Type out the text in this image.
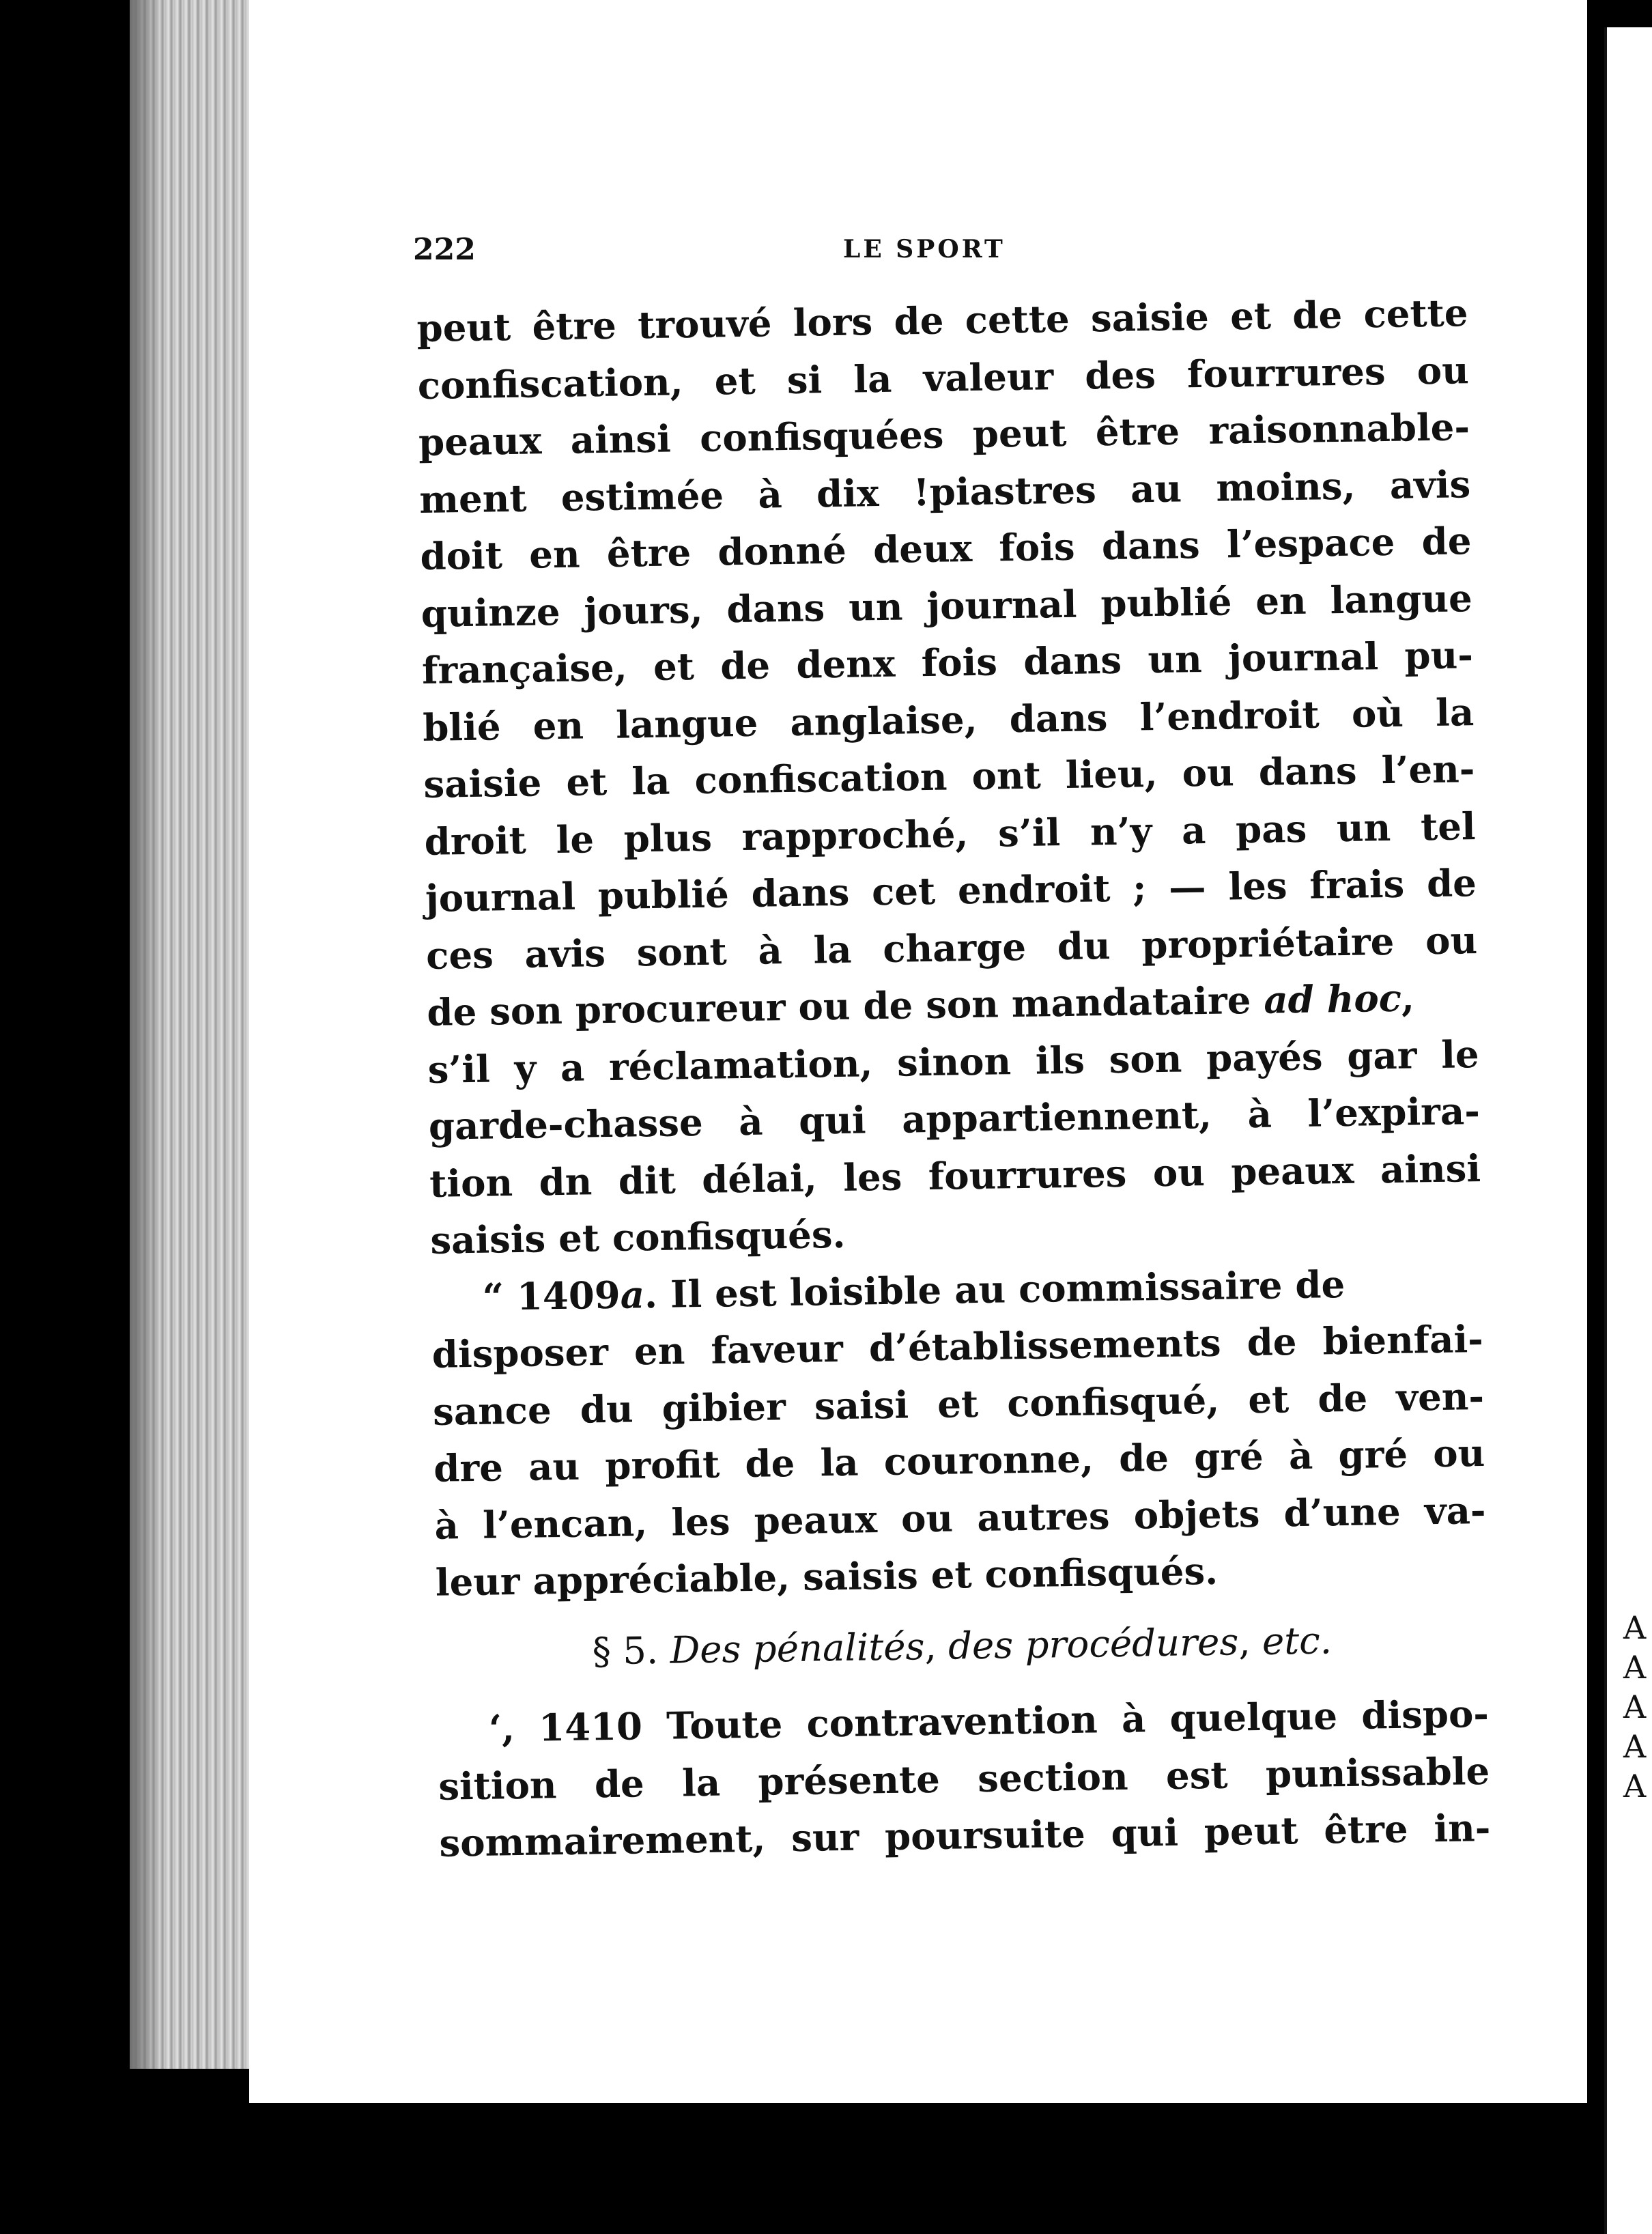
222	LE SPORT
peut être trouvé lors de cette saisie et de cette
confiscation, et si la valeur des fourrures ou
peaux ainsi confisquées peut être raisonnable-
ment estimée à dix !piastres au moins, avis
doit en être donné deux fois dans l’espace de
quinze jours, dans un journal publié en langue
française, et de denx fois dans un journal pu-
blié en langue anglaise, dans l’endroit où la
saisie et la confiscation ont lieu, ou dans l’en-
droit le plus rapproché, s’il n’y a pas un tel
journal publié dans cet endroit ; — les frais de
ces avis sont à la charge du propriétaire ou
de son procureur ou de son mandataire ad hoc,
s’il y a réclamation, sinon ils son payés gar le
garde-chasse à qui appartiennent, à l’expira-
tion dn dit délai, les fourrures ou peaux ainsi
saisis et confisqués.
“ 1409a. Il est loisible au commissaire de
disposer en faveur d’établissements de bienfai-
sance du gibier saisi et confisqué, et de ven-
dre au profit de la couronne, de gré à gré ou
à l’encan, les peaux ou autres objets d’une va-
leur appréciable, saisis et confisqués.
§ 5. Des pénalités, des procédures, etc.
‘, 1410 Toute contravention à quelque dispo-
sition de la présente section est punissable
sommairement, sur poursuite qui peut être in-
A
A
A
A
A
